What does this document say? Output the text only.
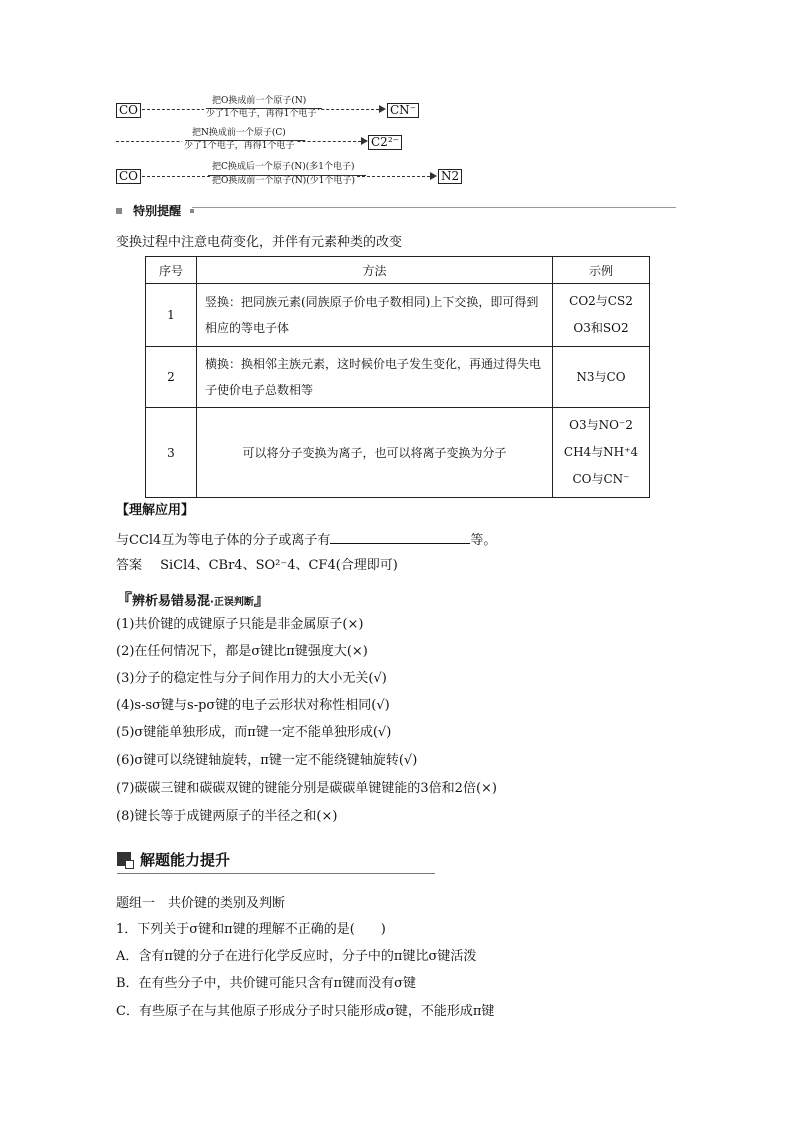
CO
把O换成前一个原子(N)
少了1个电子，再得1个电子	CN⁻
把N换成前一个原子(C)
少了1个电子，再得1个电子	C2²⁻
CO
把C换成后一个原子(N)(多1个电子)
把O换成前一个原子(N)(少1个电子)	N2
特别提醒
变换过程中注意电荷变化，并伴有元素种类的改变
序号	方法	示例
1	竖换：把同族元素(同族原子价电子数相同)上下交换，即可得到相应的等电子体	CO2与CS2
O3和SO2

2	横换：换相邻主族元素，这时候价电子发生变化，再通过得失电子使价电子总数相等	N3与CO

3	可以将分子变换为离子，也可以将离子变换为分子	O3与NO⁻2
CH4与NH⁺4
CO与CN⁻
【理解应用】
与CCl4互为等电子体的分子或离子有	等。
答案 SiCl4、CBr4、SO²⁻4、CF4(合理即可)
『辨析易错易混·正误判断』
(1)共价键的成键原子只能是非金属原子(×)
(2)在任何情况下，都是σ键比π键强度大(×)
(3)分子的稳定性与分子间作用力的大小无关(√)
(4)s-sσ键与s-pσ键的电子云形状对称性相同(√)
(5)σ键能单独形成，而π键一定不能单独形成(√)
(6)σ键可以绕键轴旋转，π键一定不能绕键轴旋转(√)
(7)碳碳三键和碳碳双键的键能分别是碳碳单键键能的3倍和2倍(×)
(8)键长等于成键两原子的半径之和(×)
解题能力提升
题组一　共价键的类别及判断
1．下列关于σ键和π键的理解不正确的是(　　)
A．含有π键的分子在进行化学反应时，分子中的π键比σ键活泼
B．在有些分子中，共价键可能只含有π键而没有σ键
C．有些原子在与其他原子形成分子时只能形成σ键，不能形成π键
